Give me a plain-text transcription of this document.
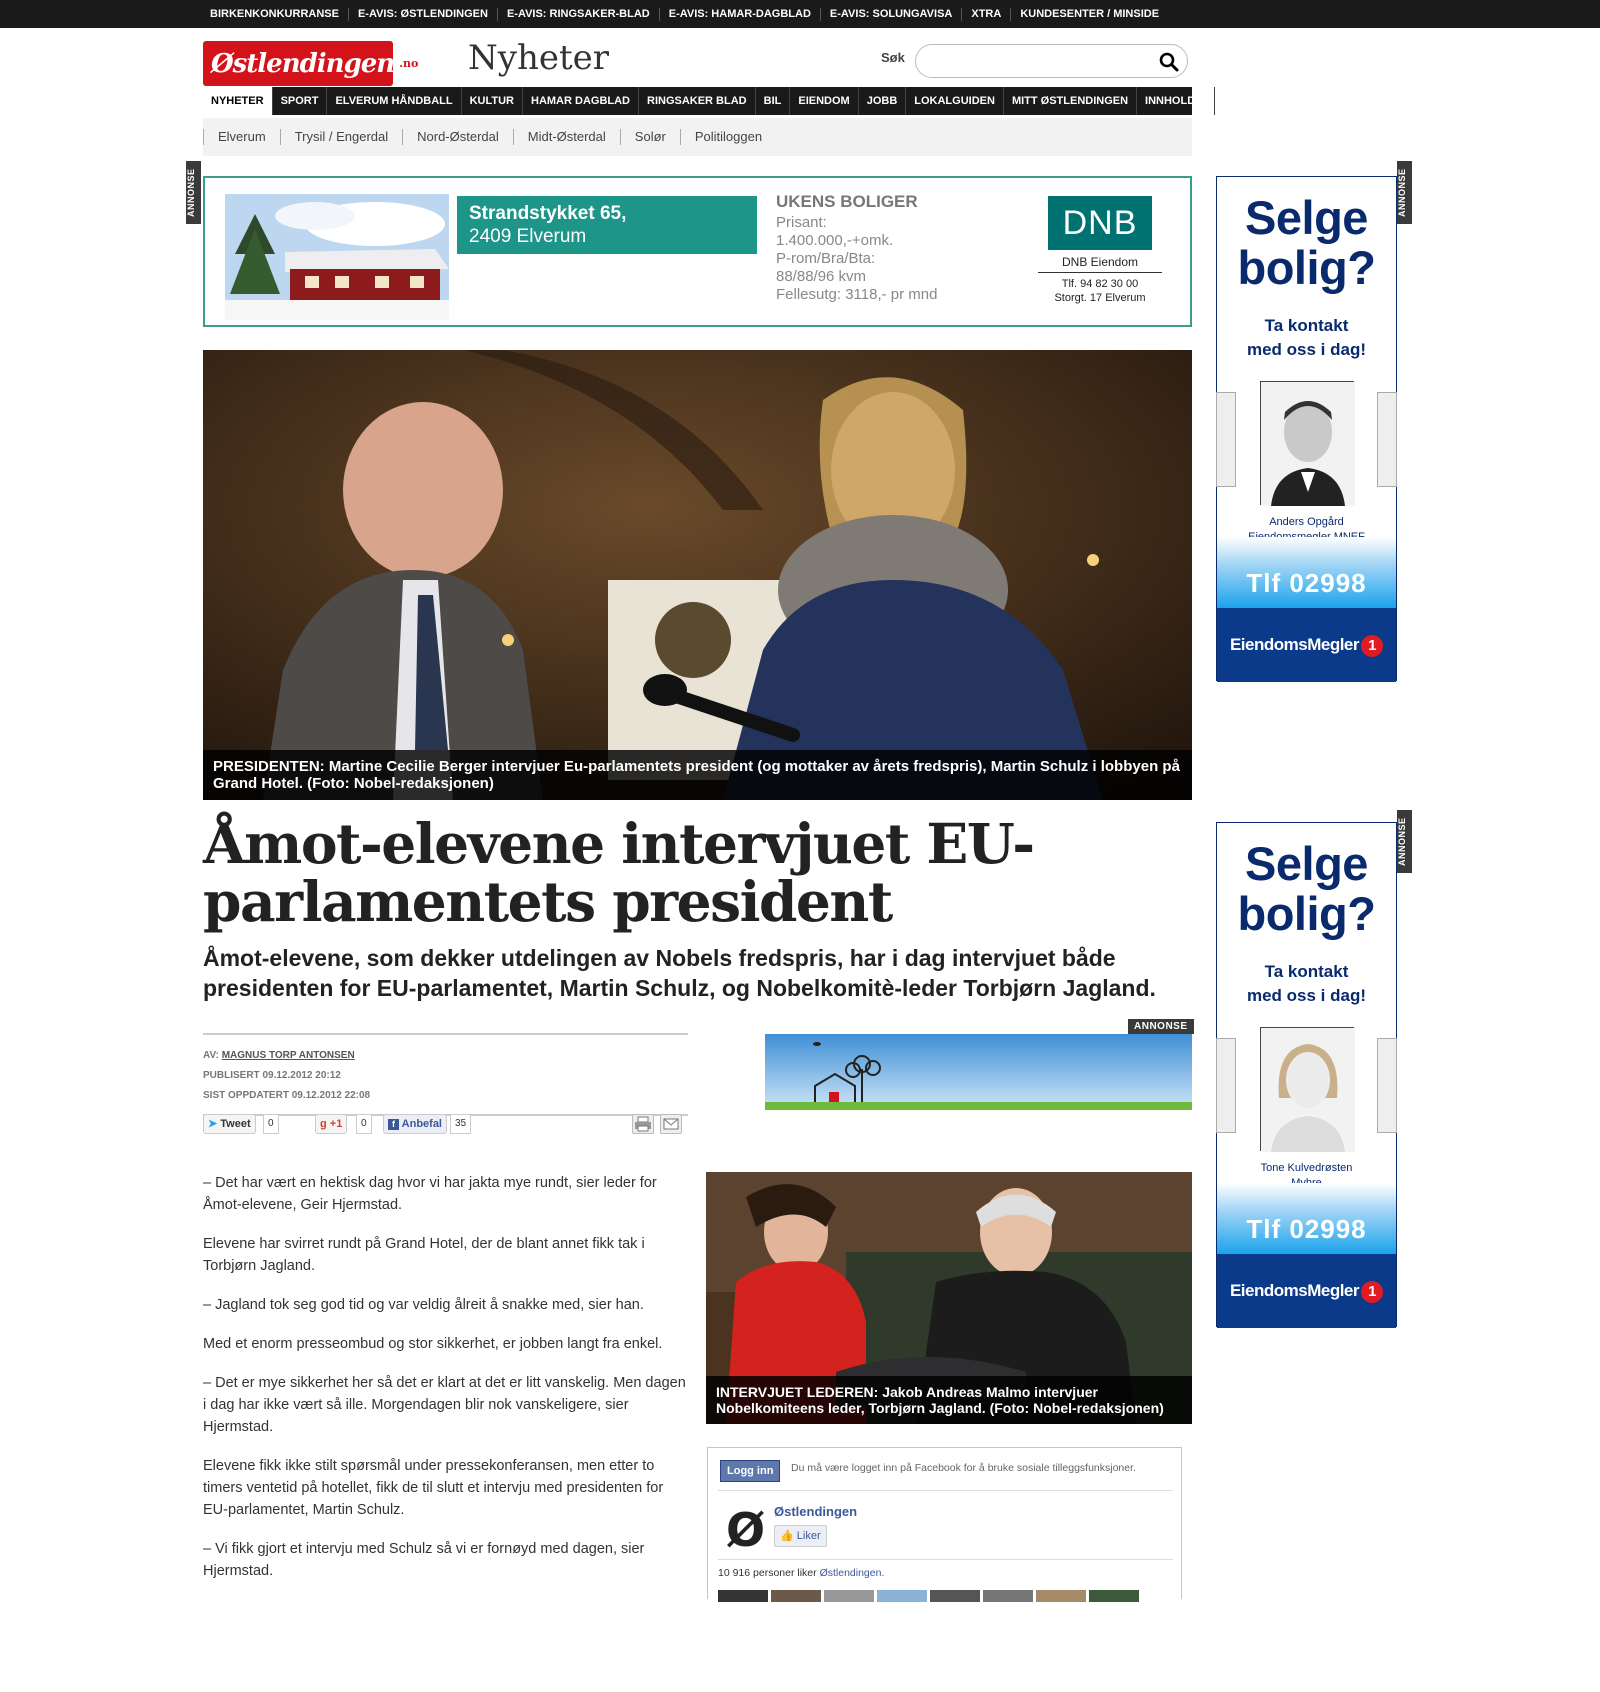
BIRKENKONKURRANSE	E-AVIS: ØSTLENDINGEN	E-AVIS: RINGSAKER-BLAD	E-AVIS: HAMAR-DAGBLAD	E-AVIS: SOLUNGAVISA	XTRA	KUNDESENTER / MINSIDE
Østlendingen .no Nyheter	Søk
NYHETER	SPORT	ELVERUM HÅNDBALL	KULTUR	HAMAR DAGBLAD	RINGSAKER BLAD	BIL	EIENDOM	JOBB	LOKALGUIDEN	MITT ØSTLENDINGEN	INNHOLD A
Elverum	Trysil / Engerdal	Nord-Østerdal	Midt-Østerdal	Solør	Politiloggen
ANNONSE	ANNONSE
ANNONSE
Strandstykket 65,
2409 Elverum
UKENS BOLIGER
Prisant:
1.400.000,-+omk.
P-rom/Bra/Bta:
88/88/96 kvm
Fellesutg: 3118,- pr mnd
DNB
DNB Eiendom
Tlf. 94 82 30 00
Storgt. 17 Elverum
PRESIDENTEN: Martine Cecilie Berger intervjuer Eu-parlamentets president (og mottaker av årets fredspris), Martin Schulz i lobbyen på Grand Hotel. (Foto: Nobel-redaksjonen)
Åmot-elevene intervjuet EU-parlamentets president
Åmot-elevene, som dekker utdelingen av Nobels fredspris, har i dag intervjuet både presidenten for EU-parlamentet, Martin Schulz, og Nobelkomitè-leder Torbjørn Jagland.
AV: MAGNUS TORP ANTONSEN
PUBLISERT 09.12.2012 20:12
SIST OPPDATERT 09.12.2012 22:08
➤ Tweet	0	g +1	0	f Anbefal	35
ANNONSE

– Det har vært en hektisk dag hvor vi har jakta mye rundt, sier leder for Åmot-elevene, Geir Hjermstad.

Elevene har svirret rundt på Grand Hotel, der de blant annet fikk tak i Torbjørn Jagland.

– Jagland tok seg god tid og var veldig ålreit å snakke med, sier han.

Med et enorm presseombud og stor sikkerhet, er jobben langt fra enkel.

– Det er mye sikkerhet her så det er klart at det er litt vanskelig. Men dagen i dag har ikke vært så ille. Morgendagen blir nok vanskeligere, sier Hjermstad.

Elevene fikk ikke stilt spørsmål under pressekonferansen, men etter to timers ventetid på hotellet, fikk de til slutt et intervju med presidenten for EU-parlamentet, Martin Schulz.

– Vi fikk gjort et intervju med Schulz så vi er fornøyd med dagen, sier Hjermstad.

INTERVJUET LEDEREN: Jakob Andreas Malmo intervjuer Nobelkomiteens leder, Torbjørn Jagland. (Foto: Nobel-redaksjonen)
Logg inn	Du må være logget inn på Facebook for å bruke sosiale tilleggsfunksjoner.
Ø Østlendingen
👍 Liker
10 916 personer liker Østlendingen.
Selge
bolig?
Ta kontakt
med oss i dag!
Anders Opgård
Tlf 02998
EiendomsMegler 1
Selge
bolig?
Ta kontakt
med oss i dag!
Tone Kulvedrøsten
Tlf 02998
EiendomsMegler 1
